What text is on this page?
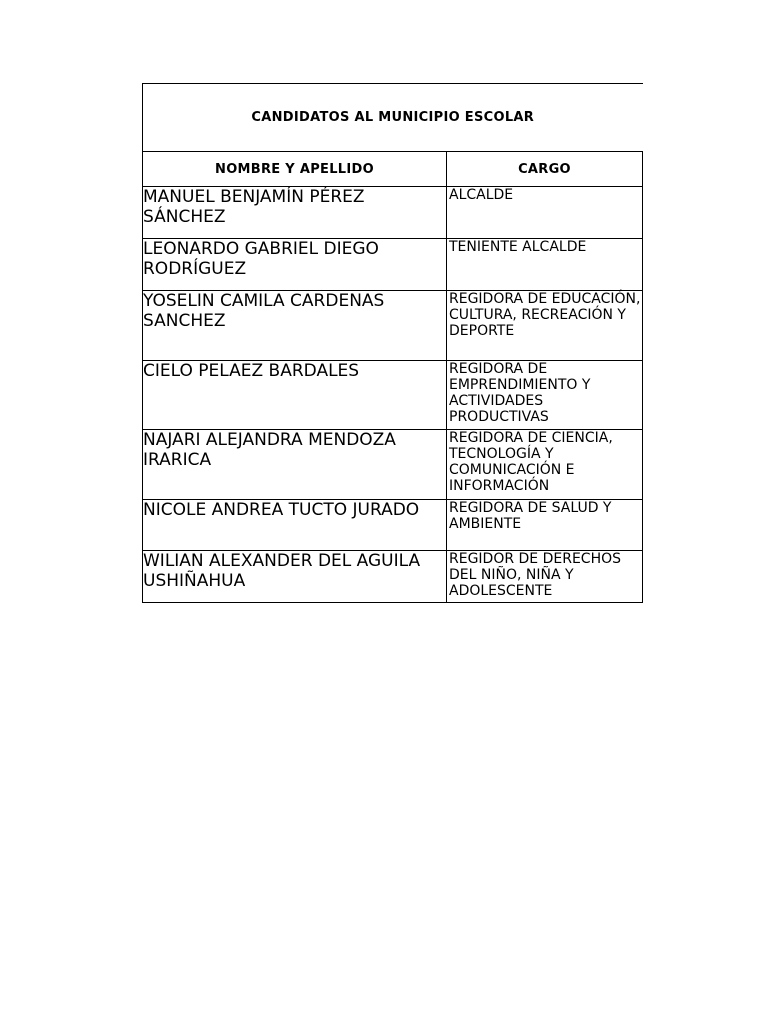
CANDIDATOS AL MUNICIPIO ESCOLAR	
NOMBRE Y APELLIDO	CARGO
MANUEL BENJAMÍN PÉREZ SÁNCHEZ	ALCALDE
LEONARDO GABRIEL DIEGO RODRÍGUEZ	TENIENTE ALCALDE
YOSELIN CAMILA CARDENAS SANCHEZ	REGIDORA DE EDUCACIÓN, CULTURA, RECREACIÓN Y DEPORTE
CIELO PELAEZ BARDALES	REGIDORA DE EMPRENDIMIENTO Y ACTIVIDADES PRODUCTIVAS
NAJARI ALEJANDRA MENDOZA IRARICA	REGIDORA DE CIENCIA, TECNOLOGÍA Y COMUNICACIÓN E INFORMACIÓN
NICOLE ANDREA TUCTO JURADO	REGIDORA DE SALUD Y AMBIENTE
WILIAN ALEXANDER DEL AGUILA USHIÑAHUA	REGIDOR DE DERECHOS DEL NIÑO, NIÑA Y ADOLESCENTE
